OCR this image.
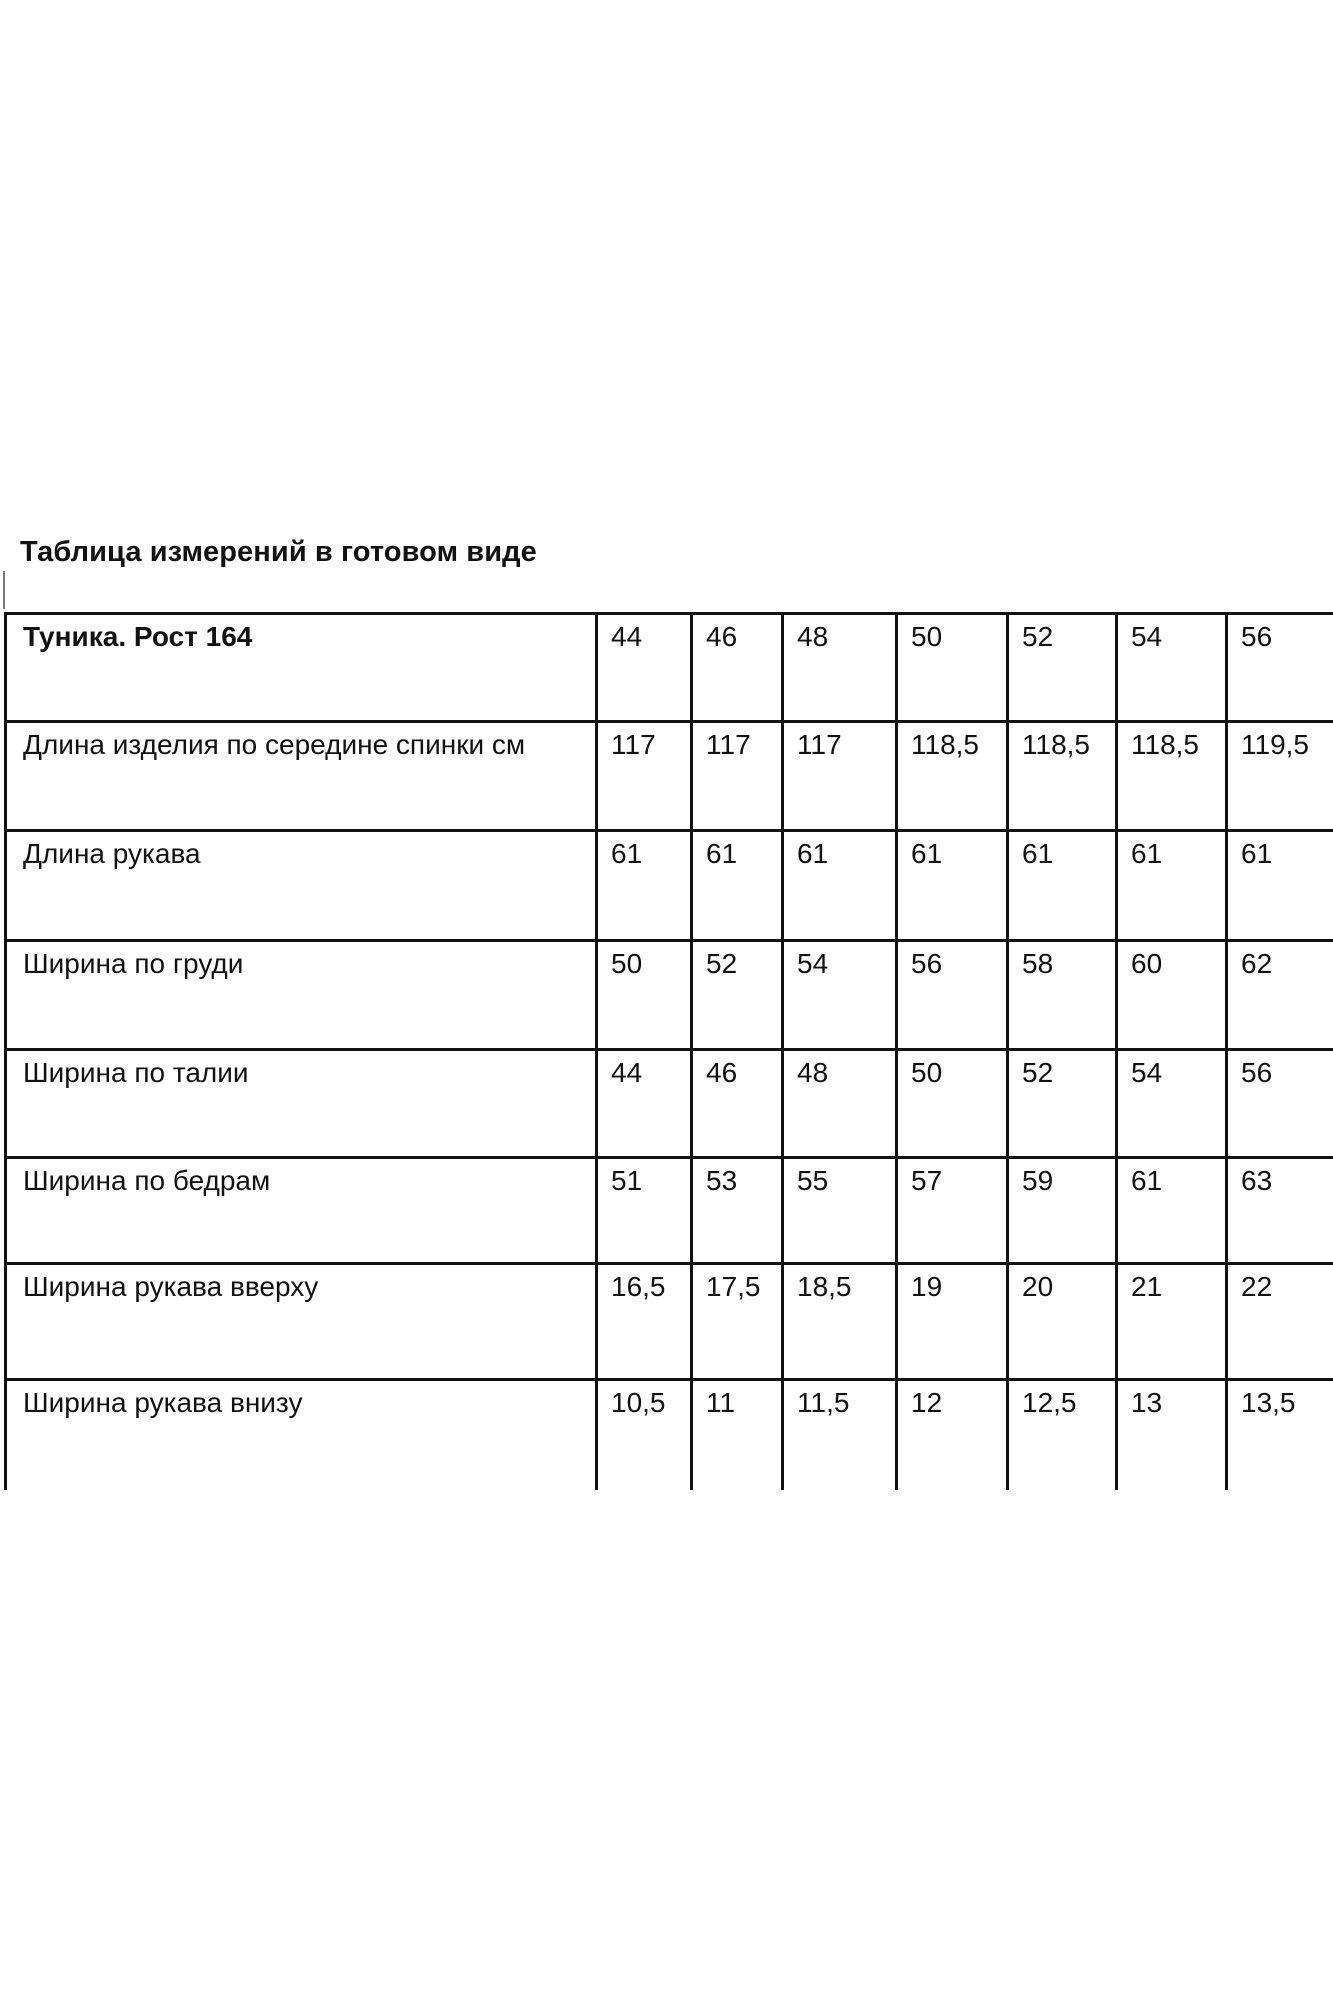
Таблица измерений в готовом виде
Туника. Рост 164	44	46	48	50	52	54	56
Длина изделия по середине спинки см	117	117	117	118,5	118,5	118,5	119,5
Длина рукава	61	61	61	61	61	61	61
Ширина по груди	50	52	54	56	58	60	62
Ширина по талии	44	46	48	50	52	54	56
Ширина по бедрам	51	53	55	57	59	61	63
Ширина рукава вверху	16,5	17,5	18,5	19	20	21	22
Ширина рукава внизу	10,5	11	11,5	12	12,5	13	13,5
